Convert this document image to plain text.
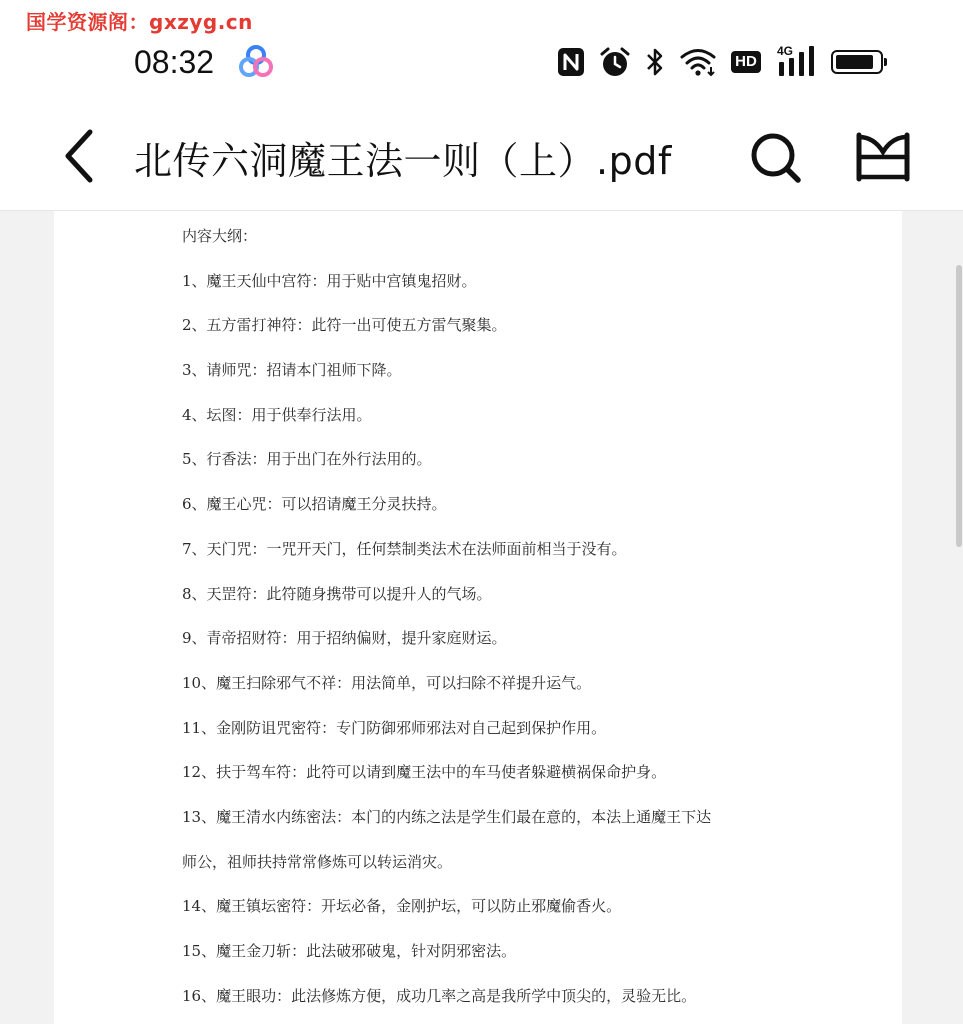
国学资源阁：gxzyg.cn
08:32	HD
4G
北传六洞魔王法一则（上）.pdf

内容大纲：

1、魔王天仙中宫符：用于贴中宫镇鬼招财。

2、五方雷打神符：此符一出可使五方雷气聚集。

3、请师咒：招请本门祖师下降。

4、坛图：用于供奉行法用。

5、行香法：用于出门在外行法用的。

6、魔王心咒：可以招请魔王分灵扶持。

7、天门咒：一咒开天门，任何禁制类法术在法师面前相当于没有。

8、天罡符：此符随身携带可以提升人的气场。

9、青帝招财符：用于招纳偏财，提升家庭财运。

10、魔王扫除邪气不祥：用法简单，可以扫除不祥提升运气。

11、金刚防诅咒密符：专门防御邪师邪法对自己起到保护作用。

12、扶于驾车符：此符可以请到魔王法中的车马使者躲避横祸保命护身。

13、魔王清水内练密法：本门的内练之法是学生们最在意的，本法上通魔王下达

师公，祖师扶持常常修炼可以转运消灾。

14、魔王镇坛密符：开坛必备，金刚护坛，可以防止邪魔偷香火。

15、魔王金刀斩：此法破邪破鬼，针对阴邪密法。

16、魔王眼功：此法修炼方便，成功几率之高是我所学中顶尖的，灵验无比。
